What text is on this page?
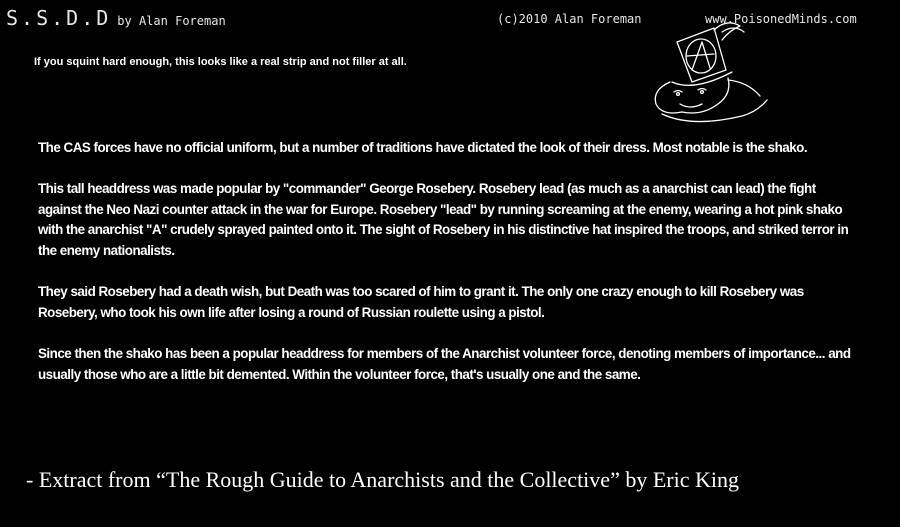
S.S.D.D by Alan Foreman	(c)2010 Alan Foreman	www.PoisonedMinds.com
If you squint hard enough, this looks like a real strip and not filler at all.

The CAS forces have no official uniform, but a number of traditions have dictated the look of their dress. Most notable is the shako.

This tall headdress was made popular by "commander" George Rosebery. Rosebery lead (as much as a anarchist can lead) the fight against the Neo Nazi counter attack in the war for Europe. Rosebery "lead" by running screaming at the enemy, wearing a hot pink shako with the anarchist "A" crudely sprayed painted onto it. The sight of Rosebery in his distinctive hat inspired the troops, and striked terror in the enemy nationalists.

They said Rosebery had a death wish, but Death was too scared of him to grant it. The only one crazy enough to kill Rosebery was Rosebery, who took his own life after losing a round of Russian roulette using a pistol.

Since then the shako has been a popular headdress for members of the Anarchist volunteer force, denoting members of importance... and usually those who are a little bit demented. Within the volunteer force, that's usually one and the same.

- Extract from “The Rough Guide to Anarchists and the Collective” by Eric King
